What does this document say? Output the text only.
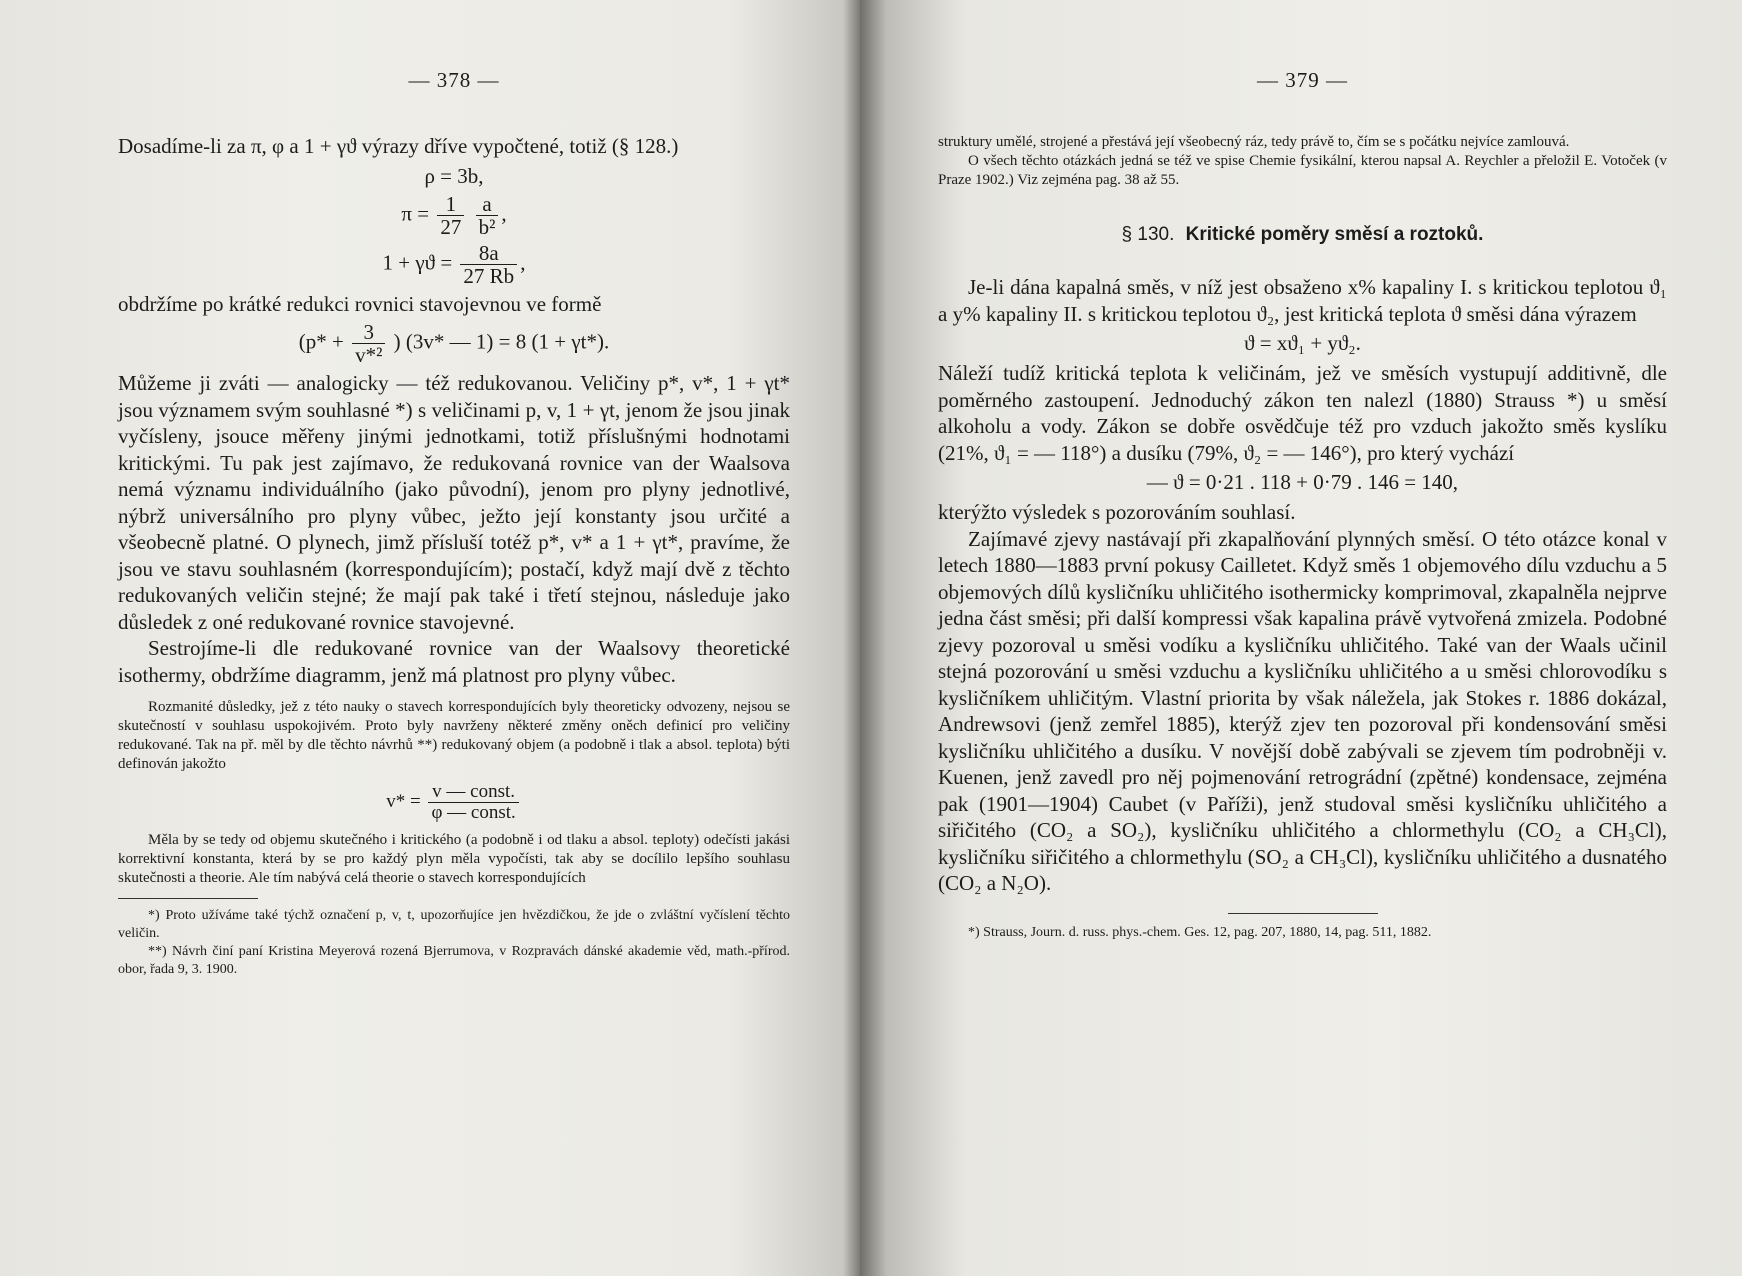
— 378 —

Dosadíme-li za π, φ a 1 + γϑ výrazy dříve vypočtené, totiž (§ 128.)

ρ = 3b,
$\pi = \frac{1}{27}$
$\frac{a}{\text{b²}}$ ,
$1 + \gamma ϑ = \frac{8a}{27 Rb}$ ,

obdržíme po krátké redukci rovnici stavojevnou ve formě

($p* + \frac{3}{\text{v*²}}$ ) (3v* — 1) = 8 (1 + γt*).

Můžeme ji zváti — analogicky — též redukovanou. Veličiny p*, v*, 1 + γt* jsou významem svým souhlasné *) s veličinami p, v, 1 + γt, jenom že jsou jinak vyčísleny, jsouce měřeny jinými jednotkami, totiž příslušnými hodnotami kritickými. Tu pak jest zajímavo, že redukovaná rovnice van der Waalsova nemá významu individuálního (jako původní), jenom pro plyny jednotlivé, nýbrž universálního pro plyny vůbec, ježto její konstanty jsou určité a všeobecně platné. O plynech, jimž přísluší totéž p*, v* a 1 + γt*, pravíme, že jsou ve stavu souhlasném (korrespondujícím); postačí, když mají dvě z těchto redukovaných veličin stejné; že mají pak také i třetí stejnou, následuje jako důsledek z oné redukované rovnice stavojevné.

Sestrojíme-li dle redukované rovnice van der Waalsovy theoretické isothermy, obdržíme diagramm, jenž má platnost pro plyny vůbec.

Rozmanité důsledky, jež z této nauky o stavech korrespondujících byly theoreticky odvozeny, nejsou se skutečností v souhlasu uspokojivém. Proto byly navrženy některé změny oněch definicí pro veličiny redukované. Tak na př. měl by dle těchto návrhů **) redukovaný objem (a podobně i tlak a absol. teplota) býti definován jakožto

$v* = \frac{\text{v — const.}}{\text{φ — const.}}$

Měla by se tedy od objemu skutečného i kritického (a podobně i od tlaku a absol. teploty) odečísti jakási korrektivní konstanta, která by se pro každý plyn měla vypočísti, tak aby se docílilo lepšího souhlasu skutečnosti a theorie. Ale tím nabývá celá theorie o stavech korrespondujících

*) Proto užíváme také týchž označení p, v, t, upozorňujíce jen hvězdičkou, že jde o zvláštní vyčíslení těchto veličin.

**) Návrh činí paní Kristina Meyerová rozená Bjerrumova, v Rozpravách dánské akademie věd, math.-přírod. obor, řada 9, 3. 1900.

— 379 —

struktury umělé, strojené a přestává její všeobecný ráz, tedy právě to, čím se s počátku nejvíce zamlouvá.

O všech těchto otázkách jedná se též ve spise Chemie fysikální, kterou napsal A. Reychler a přeložil E. Votoček (v Praze 1902.) Viz zejména pag. 38 až 55.

§ 130. Kritické poměry směsí a roztoků.

Je-li dána kapalná směs, v níž jest obsaženo x% kapaliny I. s kritickou teplotou ϑ₁ a y% kapaliny II. s kritickou teplotou ϑ₂, jest kritická teplota ϑ směsi dána výrazem

ϑ = xϑ₁ + yϑ₂.

Náleží tudíž kritická teplota k veličinám, jež ve směsích vystupují additivně, dle poměrného zastoupení. Jednoduchý zákon ten nalezl (1880) Strauss *) u směsí alkoholu a vody. Zákon se dobře osvědčuje též pro vzduch jakožto směs kyslíku (21%, ϑ₁ = — 118°) a dusíku (79%, ϑ₂ = — 146°), pro který vychází

— ϑ = 0·21 . 118 + 0·79 . 146 = 140,

kterýžto výsledek s pozorováním souhlasí.

Zajímavé zjevy nastávají při zkapalňování plynných směsí. O této otázce konal v letech 1880—1883 první pokusy Cailletet. Když směs 1 objemového dílu vzduchu a 5 objemových dílů kysličníku uhličitého isothermicky komprimoval, zkapalněla nejprve jedna část směsi; při další kompressi však kapalina právě vytvořená zmizela. Podobné zjevy pozoroval u směsi vodíku a kysličníku uhličitého. Také van der Waals učinil stejná pozorování u směsi vzduchu a kysličníku uhličitého a u směsi chlorovodíku s kysličníkem uhličitým. Vlastní priorita by však náležela, jak Stokes r. 1886 dokázal, Andrewsovi (jenž zemřel 1885), kterýž zjev ten pozoroval při kondensování směsi kysličníku uhličitého a dusíku. V novější době zabývali se zjevem tím podrobněji v. Kuenen, jenž zavedl pro něj pojmenování retrográdní (zpětné) kondensace, zejména pak (1901—1904) Caubet (v Paříži), jenž studoval směsi kysličníku uhličitého a siřičitého (CO₂ a SO₂), kysličníku uhličitého a chlormethylu (CO₂ a CH₃Cl), kysličníku siřičitého a chlormethylu (SO₂ a CH₃Cl), kysličníku uhličitého a dusnatého (CO₂ a N₂O).

*) Strauss, Journ. d. russ. phys.-chem. Ges. 12, pag. 207, 1880, 14, pag. 511, 1882.
